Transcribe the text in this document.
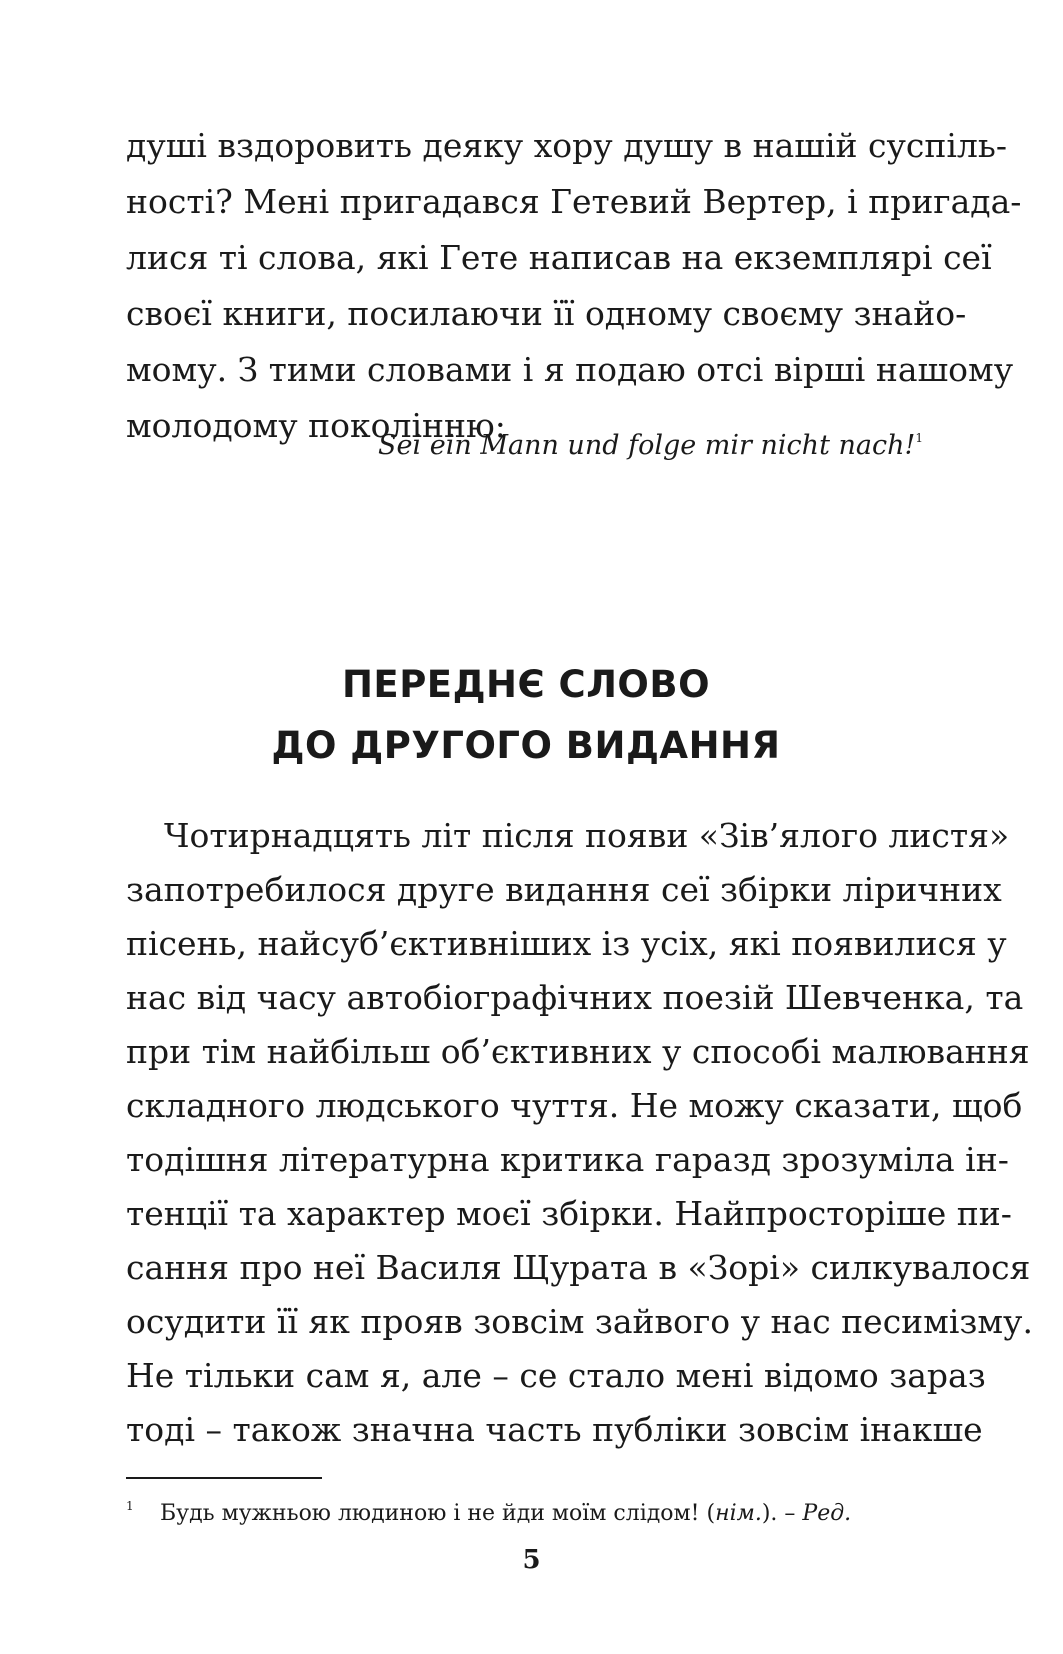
душі вздоровить деяку хору душу в нашій суспіль-

ності? Мені пригадався Гетевий Вертер, і пригада-

лися ті слова, які Гете написав на екземплярі сеї

своєї книги, посилаючи її одному своєму знайо-

мому. З тими словами і я подаю отсі вірші нашому

молодому поколінню:

Sei ein Mann und folge mir nicht nach!$^1$

ПЕРЕДНЄ СЛОВО
ДО ДРУГОГО ВИДАННЯ

Чотирнадцять літ після появи «Зів’ялого листя»

запотребилося друге видання сеї збірки ліричних

пісень, найсуб’єктивніших із усіх, які появилися у

нас від часу автобіографічних поезій Шевченка, та

при тім найбільш об’єктивних у способі малювання

складного людського чуття. Не можу сказати, щоб

тодішня літературна критика гаразд зрозуміла ін-

тенції та характер моєї збірки. Найпросторіше пи-

сання про неї Василя Щурата в «Зорі» силкувалося

осудити її як прояв зовсім зайвого у нас песимізму.

Не тільки сам я, але – се стало мені відомо зараз

тоді – також значна часть публіки зовсім інакше

1 Будь мужньою людиною і не йди моїм слідом! (нім.). – Ред.

5
